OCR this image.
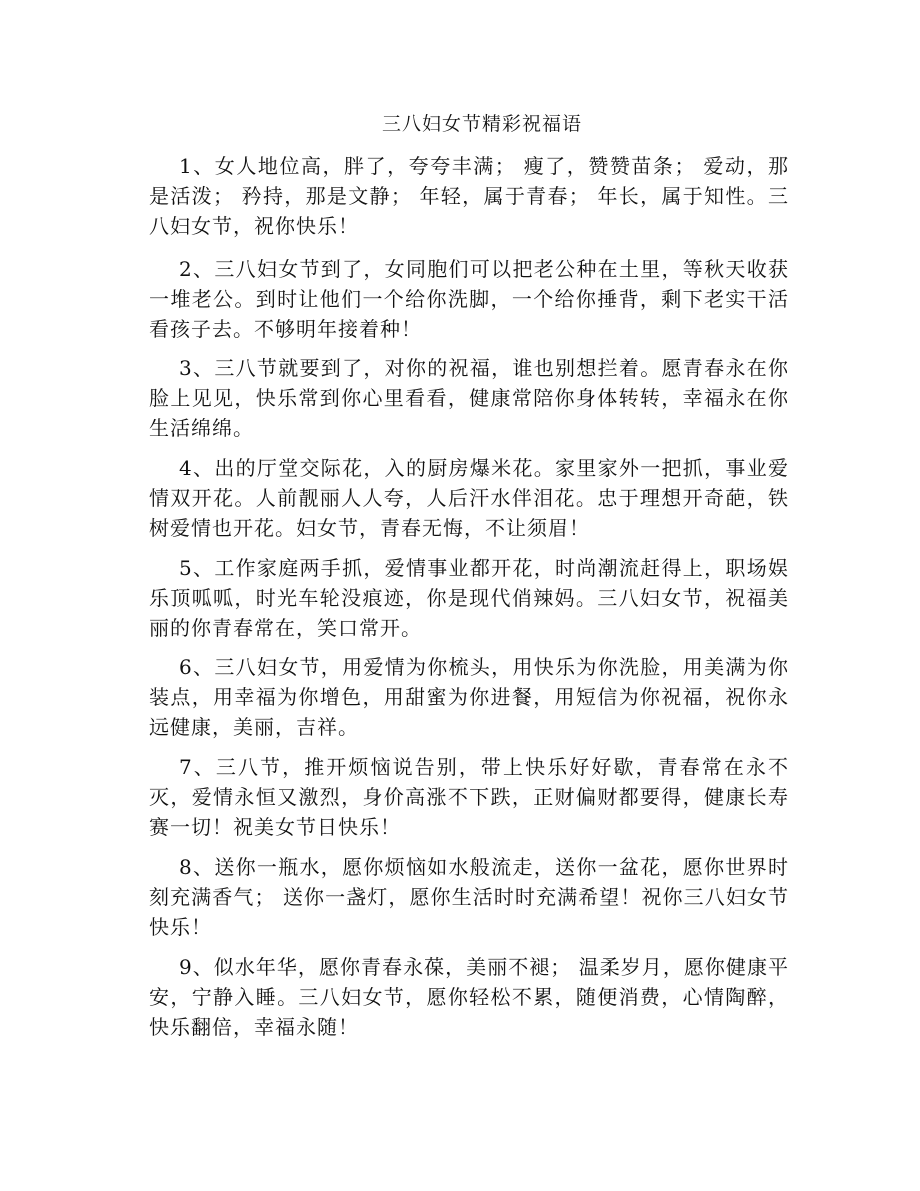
三八妇女节精彩祝福语

1、女人地位高，胖了，夸夸丰满； 瘦了，赞赞苗条； 爱动，那是活泼； 矜持，那是文静； 年轻，属于青春； 年长，属于知性。三八妇女节，祝你快乐！

2、三八妇女节到了，女同胞们可以把老公种在土里，等秋天收获一堆老公。到时让他们一个给你洗脚，一个给你捶背，剩下老实干活看孩子去。不够明年接着种！

3、三八节就要到了，对你的祝福，谁也别想拦着。愿青春永在你脸上见见，快乐常到你心里看看，健康常陪你身体转转，幸福永在你生活绵绵。

4、出的厅堂交际花，入的厨房爆米花。家里家外一把抓，事业爱情双开花。人前靓丽人人夸，人后汗水伴泪花。忠于理想开奇葩，铁树爱情也开花。妇女节，青春无悔，不让须眉！

5、工作家庭两手抓，爱情事业都开花，时尚潮流赶得上，职场娱乐顶呱呱，时光车轮没痕迹，你是现代俏辣妈。三八妇女节，祝福美丽的你青春常在，笑口常开。

6、三八妇女节，用爱情为你梳头，用快乐为你洗脸，用美满为你装点，用幸福为你增色，用甜蜜为你进餐，用短信为你祝福，祝你永远健康，美丽，吉祥。

7、三八节，推开烦恼说告别，带上快乐好好歇，青春常在永不灭，爱情永恒又激烈，身价高涨不下跌，正财偏财都要得，健康长寿赛一切！祝美女节日快乐！

8、送你一瓶水，愿你烦恼如水般流走，送你一盆花，愿你世界时刻充满香气； 送你一盏灯，愿你生活时时充满希望！祝你三八妇女节快乐！

9、似水年华，愿你青春永葆，美丽不褪； 温柔岁月，愿你健康平安，宁静入睡。三八妇女节，愿你轻松不累，随便消费，心情陶醉，快乐翻倍，幸福永随！
